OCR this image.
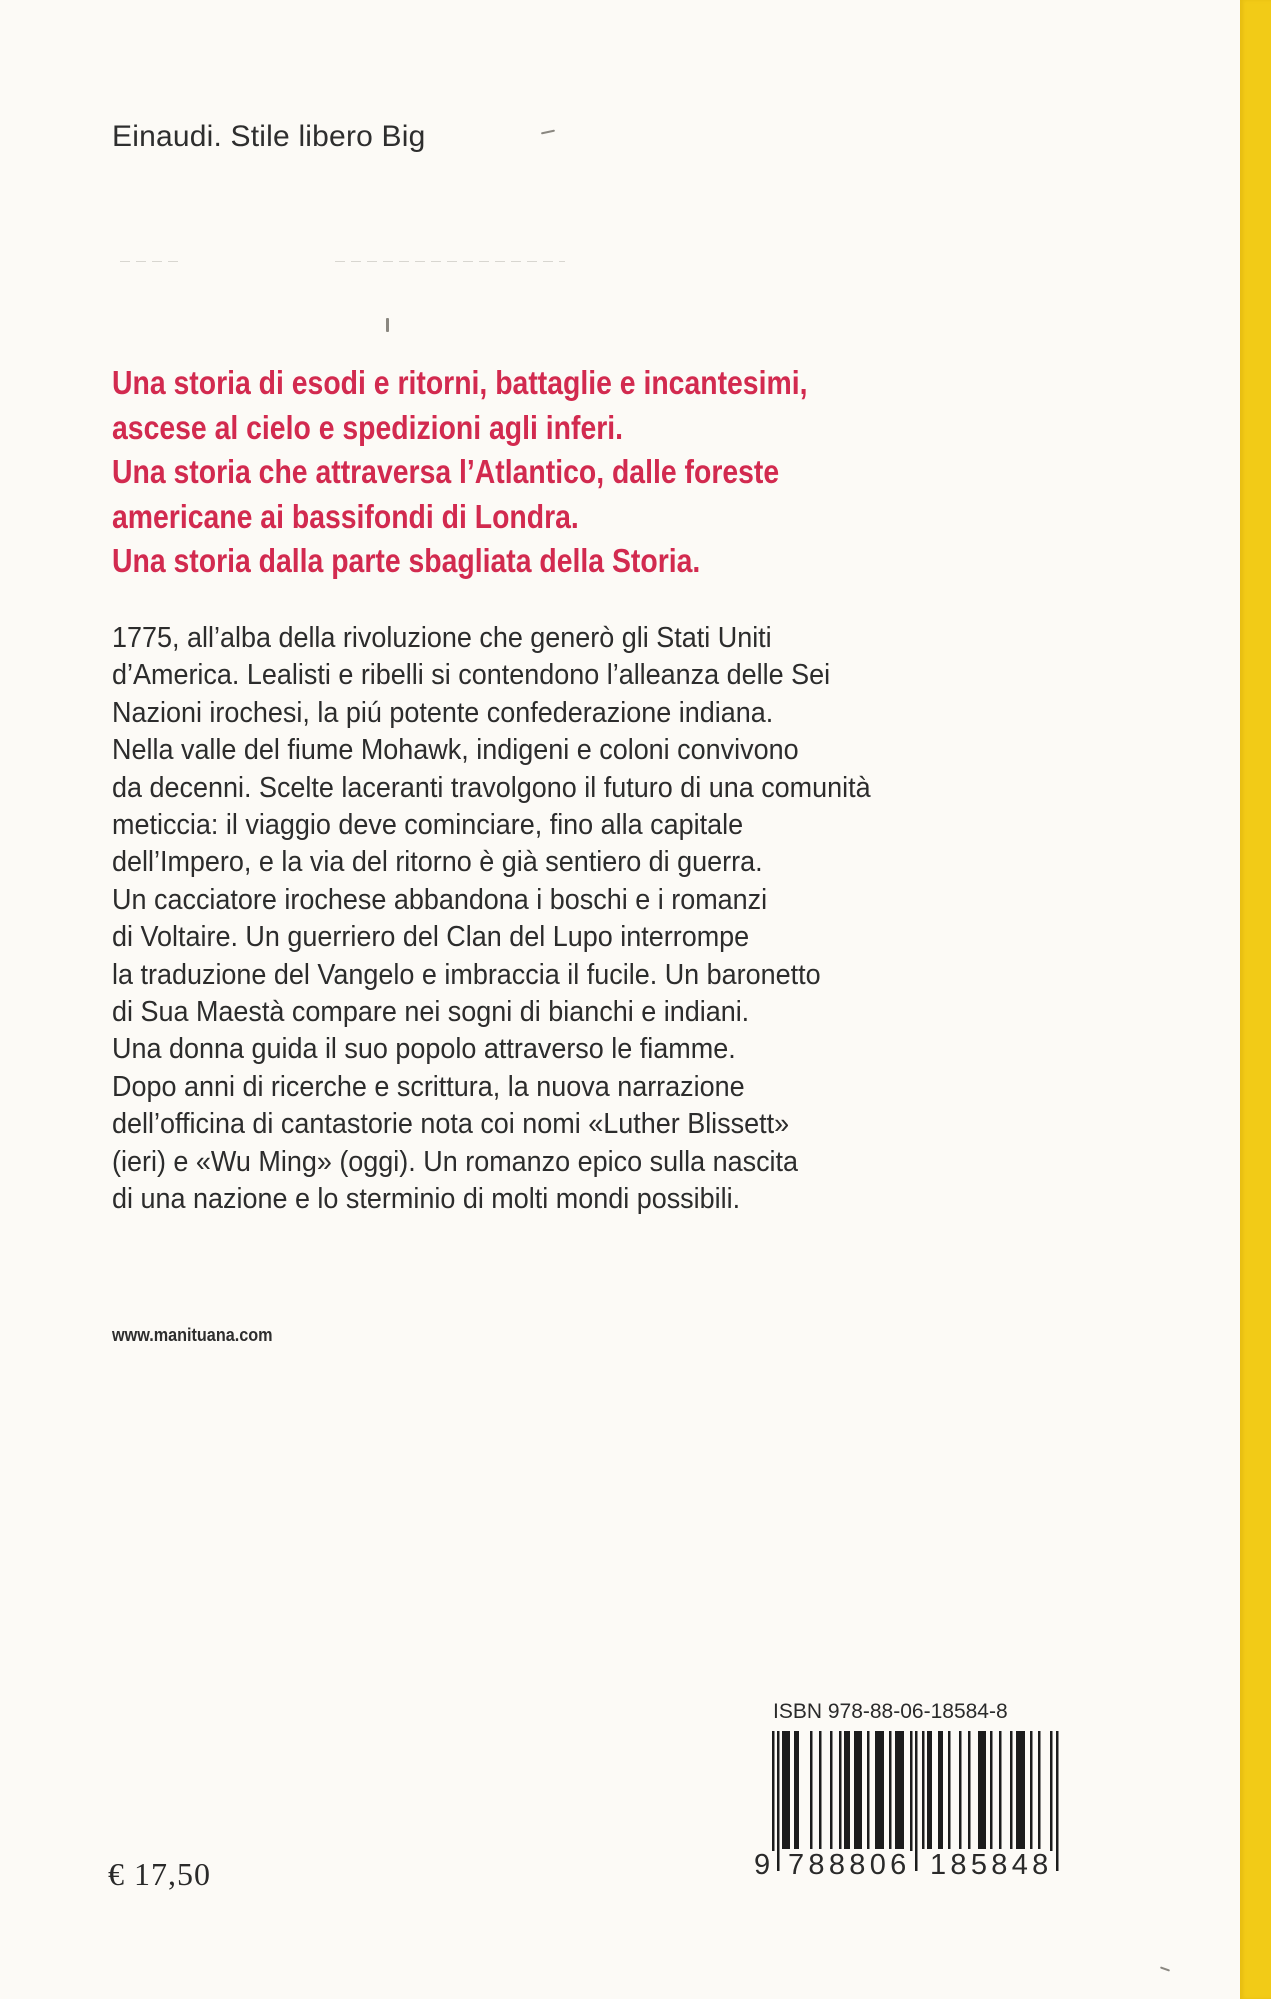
Einaudi. Stile libero Big
Una storia di esodi e ritorni, battaglie e incantesimi,
ascese al cielo e spedizioni agli inferi.
Una storia che attraversa l’Atlantico, dalle foreste
americane ai bassifondi di Londra.
Una storia dalla parte sbagliata della Storia.
1775, all’alba della rivoluzione che generò gli Stati Uniti
d’America. Lealisti e ribelli si contendono l’alleanza delle Sei
Nazioni irochesi, la piú potente confederazione indiana.
Nella valle del fiume Mohawk, indigeni e coloni convivono
da decenni. Scelte laceranti travolgono il futuro di una comunità
meticcia: il viaggio deve cominciare, fino alla capitale
dell’Impero, e la via del ritorno è già sentiero di guerra.
Un cacciatore irochese abbandona i boschi e i romanzi
di Voltaire. Un guerriero del Clan del Lupo interrompe
la traduzione del Vangelo e imbraccia il fucile. Un baronetto
di Sua Maestà compare nei sogni di bianchi e indiani.
Una donna guida il suo popolo attraverso le fiamme.
Dopo anni di ricerche e scrittura, la nuova narrazione
dell’officina di cantastorie nota coi nomi «Luther Blissett»
(ieri) e «Wu Ming» (oggi). Un romanzo epico sulla nascita
di una nazione e lo sterminio di molti mondi possibili.
www.manituana.com
ISBN 978-88-06-18584-8
9 788806 185848
€ 17,50
